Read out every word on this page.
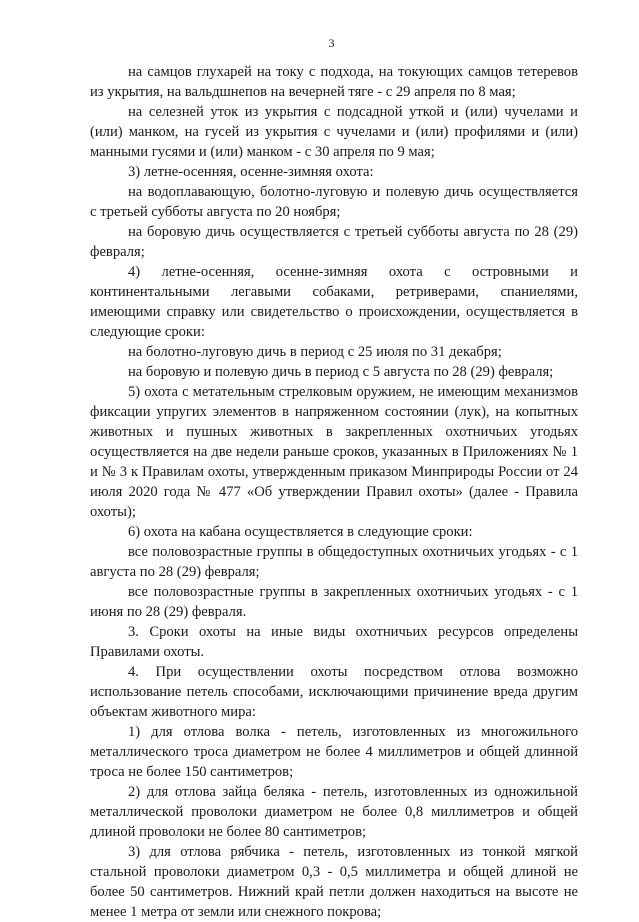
3

на самцов глухарей на току с подхода, на токующих самцов тетеревов из укрытия, на вальдшнепов на вечерней тяге - с 29 апреля по 8 мая;

на селезней уток из укрытия с подсадной уткой и (или) чучелами и (или) манком, на гусей из укрытия с чучелами и (или) профилями и (или) манными гусями и (или) манком - с 30 апреля по 9 мая;

3) летне-осенняя, осенне-зимняя охота:

на водоплавающую, болотно-луговую и полевую дичь осуществляется с третьей субботы августа по 20 ноября;

на боровую дичь осуществляется с третьей субботы августа по 28 (29) февраля;

4) летне-осенняя, осенне-зимняя охота с островными и континентальными легавыми собаками, ретриверами, спаниелями, имеющими справку или свидетельство о происхождении, осуществляется в следующие сроки:

на болотно-луговую дичь в период с 25 июля по 31 декабря;

на боровую и полевую дичь в период с 5 августа по 28 (29) февраля;

5) охота с метательным стрелковым оружием, не имеющим механизмов фиксации упругих элементов в напряженном состоянии (лук), на копытных животных и пушных животных в закрепленных охотничьих угодьях осуществляется на две недели раньше сроков, указанных в Приложениях № 1 и № 3 к Правилам охоты, утвержденным приказом Минприроды России от 24 июля 2020 года № 477 «Об утверждении Правил охоты» (далее - Правила охоты);

6) охота на кабана осуществляется в следующие сроки:

все половозрастные группы в общедоступных охотничьих угодьях - с 1 августа по 28 (29) февраля;

все половозрастные группы в закрепленных охотничьих угодьях - с 1 июня по 28 (29) февраля.

3. Сроки охоты на иные виды охотничьих ресурсов определены Правилами охоты.

4. При осуществлении охоты посредством отлова возможно использование петель способами, исключающими причинение вреда другим объектам животного мира:

1) для отлова волка - петель, изготовленных из многожильного металлического троса диаметром не более 4 миллиметров и общей длинной троса не более 150 сантиметров;

2) для отлова зайца беляка - петель, изготовленных из одножильной металлической проволоки диаметром не более 0,8 миллиметров и общей длиной проволоки не более 80 сантиметров;

3) для отлова рябчика - петель, изготовленных из тонкой мягкой стальной проволоки диаметром 0,3 - 0,5 миллиметра и общей длиной не более 50 сантиметров. Нижний край петли должен находиться на высоте не менее 1 метра от земли или снежного покрова;
